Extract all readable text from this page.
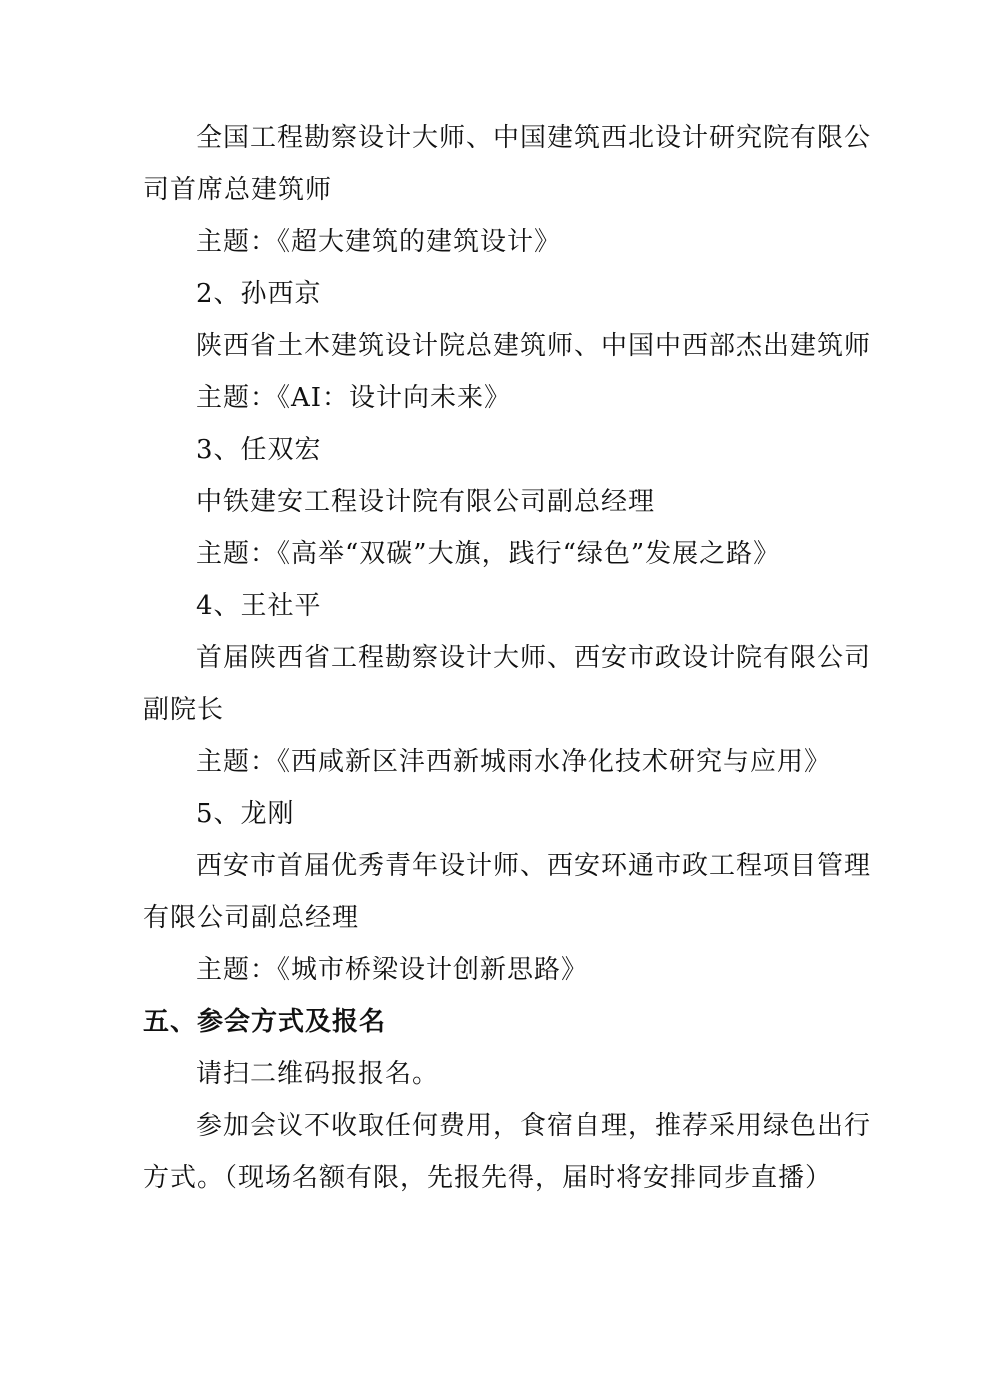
全国工程勘察设计大师、中国建筑西北设计研究院有限公
司首席总建筑师
主题：《超大建筑的建筑设计》
2、孙西京
陕西省土木建筑设计院总建筑师、中国中西部杰出建筑师
主题：《AI：设计向未来》
3、任双宏
中铁建安工程设计院有限公司副总经理
主题：《高举“双碳”大旗，践行“绿色”发展之路》
4、王社平
首届陕西省工程勘察设计大师、西安市政设计院有限公司
副院长
主题：《西咸新区沣西新城雨水净化技术研究与应用》
5、龙刚
西安市首届优秀青年设计师、西安环通市政工程项目管理
有限公司副总经理
主题：《城市桥梁设计创新思路》
五、参会方式及报名
请扫二维码报报名。
参加会议不收取任何费用，食宿自理，推荐采用绿色出行
方式。（现场名额有限，先报先得，届时将安排同步直播）
